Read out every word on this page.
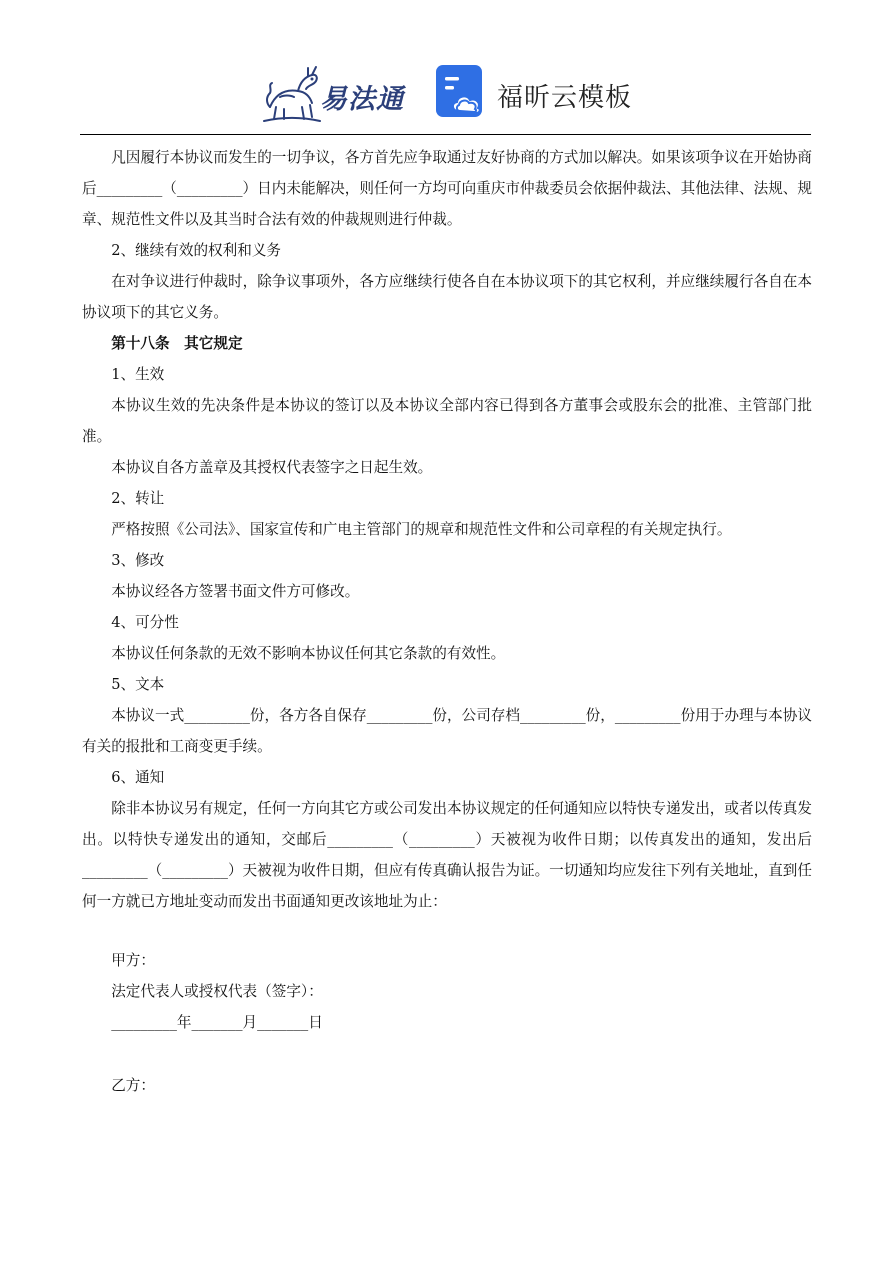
易法通	福昕云模板

凡因履行本协议而发生的一切争议，各方首先应争取通过友好协商的方式加以解决。如果该项争议在开始协商后_________（_________）日内未能解决，则任何一方均可向重庆市仲裁委员会依据仲裁法、其他法律、法规、规章、规范性文件以及其当时合法有效的仲裁规则进行仲裁。

2、继续有效的权利和义务

在对争议进行仲裁时，除争议事项外，各方应继续行使各自在本协议项下的其它权利，并应继续履行各自在本协议项下的其它义务。

第十八条　其它规定

1、生效

本协议生效的先决条件是本协议的签订以及本协议全部内容已得到各方董事会或股东会的批准、主管部门批准。

本协议自各方盖章及其授权代表签字之日起生效。

2、转让

严格按照《公司法》、国家宣传和广电主管部门的规章和规范性文件和公司章程的有关规定执行。

3、修改

本协议经各方签署书面文件方可修改。

4、可分性

本协议任何条款的无效不影响本协议任何其它条款的有效性。

5、文本

本协议一式_________份，各方各自保存_________份，公司存档_________份，_________份用于办理与本协议有关的报批和工商变更手续。

6、通知

除非本协议另有规定，任何一方向其它方或公司发出本协议规定的任何通知应以特快专递发出，或者以传真发出。以特快专递发出的通知，交邮后_________（_________）天被视为收件日期；以传真发出的通知，发出后_________（_________）天被视为收件日期，但应有传真确认报告为证。一切通知均应发往下列有关地址，直到任何一方就已方地址变动而发出书面通知更改该地址为止：

甲方：

法定代表人或授权代表（签字）：

_________年_______月_______日

乙方：
